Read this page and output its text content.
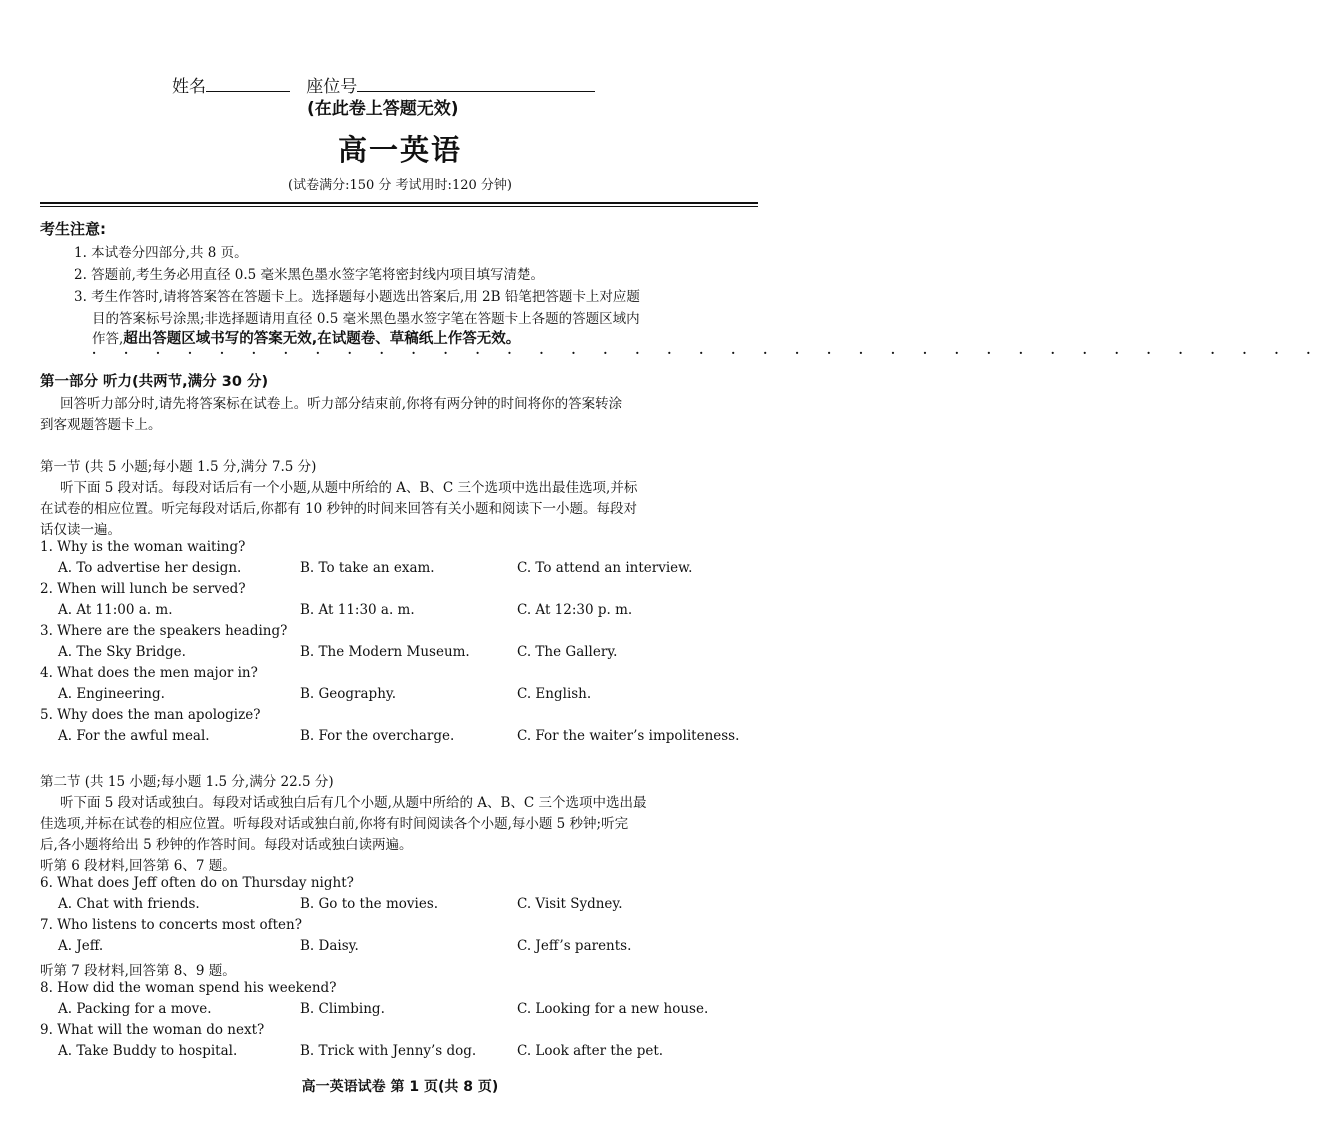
姓名	座位号
(在此卷上答题无效)
高一英语
(试卷满分:150 分 考试用时:120 分钟)
考生注意:
1. 本试卷分四部分,共 8 页。
2. 答题前,考生务必用直径 0.5 毫米黑色墨水签字笔将密封线内项目填写清楚。
3. 考生作答时,请将答案答在答题卡上。选择题每小题选出答案后,用 2B 铅笔把答题卡上对应题
目的答案标号涂黑;非选择题请用直径 0.5 毫米黑色墨水签字笔在答题卡上各题的答题区域内
作答,超出答题区域书写的答案无效,在试题卷、草稿纸上作答无效。
· · · · · · · · · · · · · · · · · · · · · · · · · · · · · · · · · · · · · · ·
第一部分 听力(共两节,满分 30 分)
回答听力部分时,请先将答案标在试卷上。听力部分结束前,你将有两分钟的时间将你的答案转涂
到客观题答题卡上。
第一节 (共 5 小题;每小题 1.5 分,满分 7.5 分)
听下面 5 段对话。每段对话后有一个小题,从题中所给的 A、B、C 三个选项中选出最佳选项,并标
在试卷的相应位置。听完每段对话后,你都有 10 秒钟的时间来回答有关小题和阅读下一小题。每段对
话仅读一遍。
1. Why is the woman waiting?
A. To advertise her design.	B. To take an exam.	C. To attend an interview.
2. When will lunch be served?
A. At 11:00 a. m.	B. At 11:30 a. m.	C. At 12:30 p. m.
3. Where are the speakers heading?
A. The Sky Bridge.	B. The Modern Museum.	C. The Gallery.
4. What does the men major in?
A. Engineering.	B. Geography.	C. English.
5. Why does the man apologize?
A. For the awful meal.	B. For the overcharge.	C. For the waiter’s impoliteness.
第二节 (共 15 小题;每小题 1.5 分,满分 22.5 分)
听下面 5 段对话或独白。每段对话或独白后有几个小题,从题中所给的 A、B、C 三个选项中选出最
佳选项,并标在试卷的相应位置。听每段对话或独白前,你将有时间阅读各个小题,每小题 5 秒钟;听完
后,各小题将给出 5 秒钟的作答时间。每段对话或独白读两遍。
听第 6 段材料,回答第 6、7 题。
6. What does Jeff often do on Thursday night?
A. Chat with friends.	B. Go to the movies.	C. Visit Sydney.
7. Who listens to concerts most often?
A. Jeff.	B. Daisy.	C. Jeff’s parents.
听第 7 段材料,回答第 8、9 题。
8. How did the woman spend his weekend?
A. Packing for a move.	B. Climbing.	C. Looking for a new house.
9. What will the woman do next?
A. Take Buddy to hospital.	B. Trick with Jenny’s dog.	C. Look after the pet.
高一英语试卷 第 1 页(共 8 页)
